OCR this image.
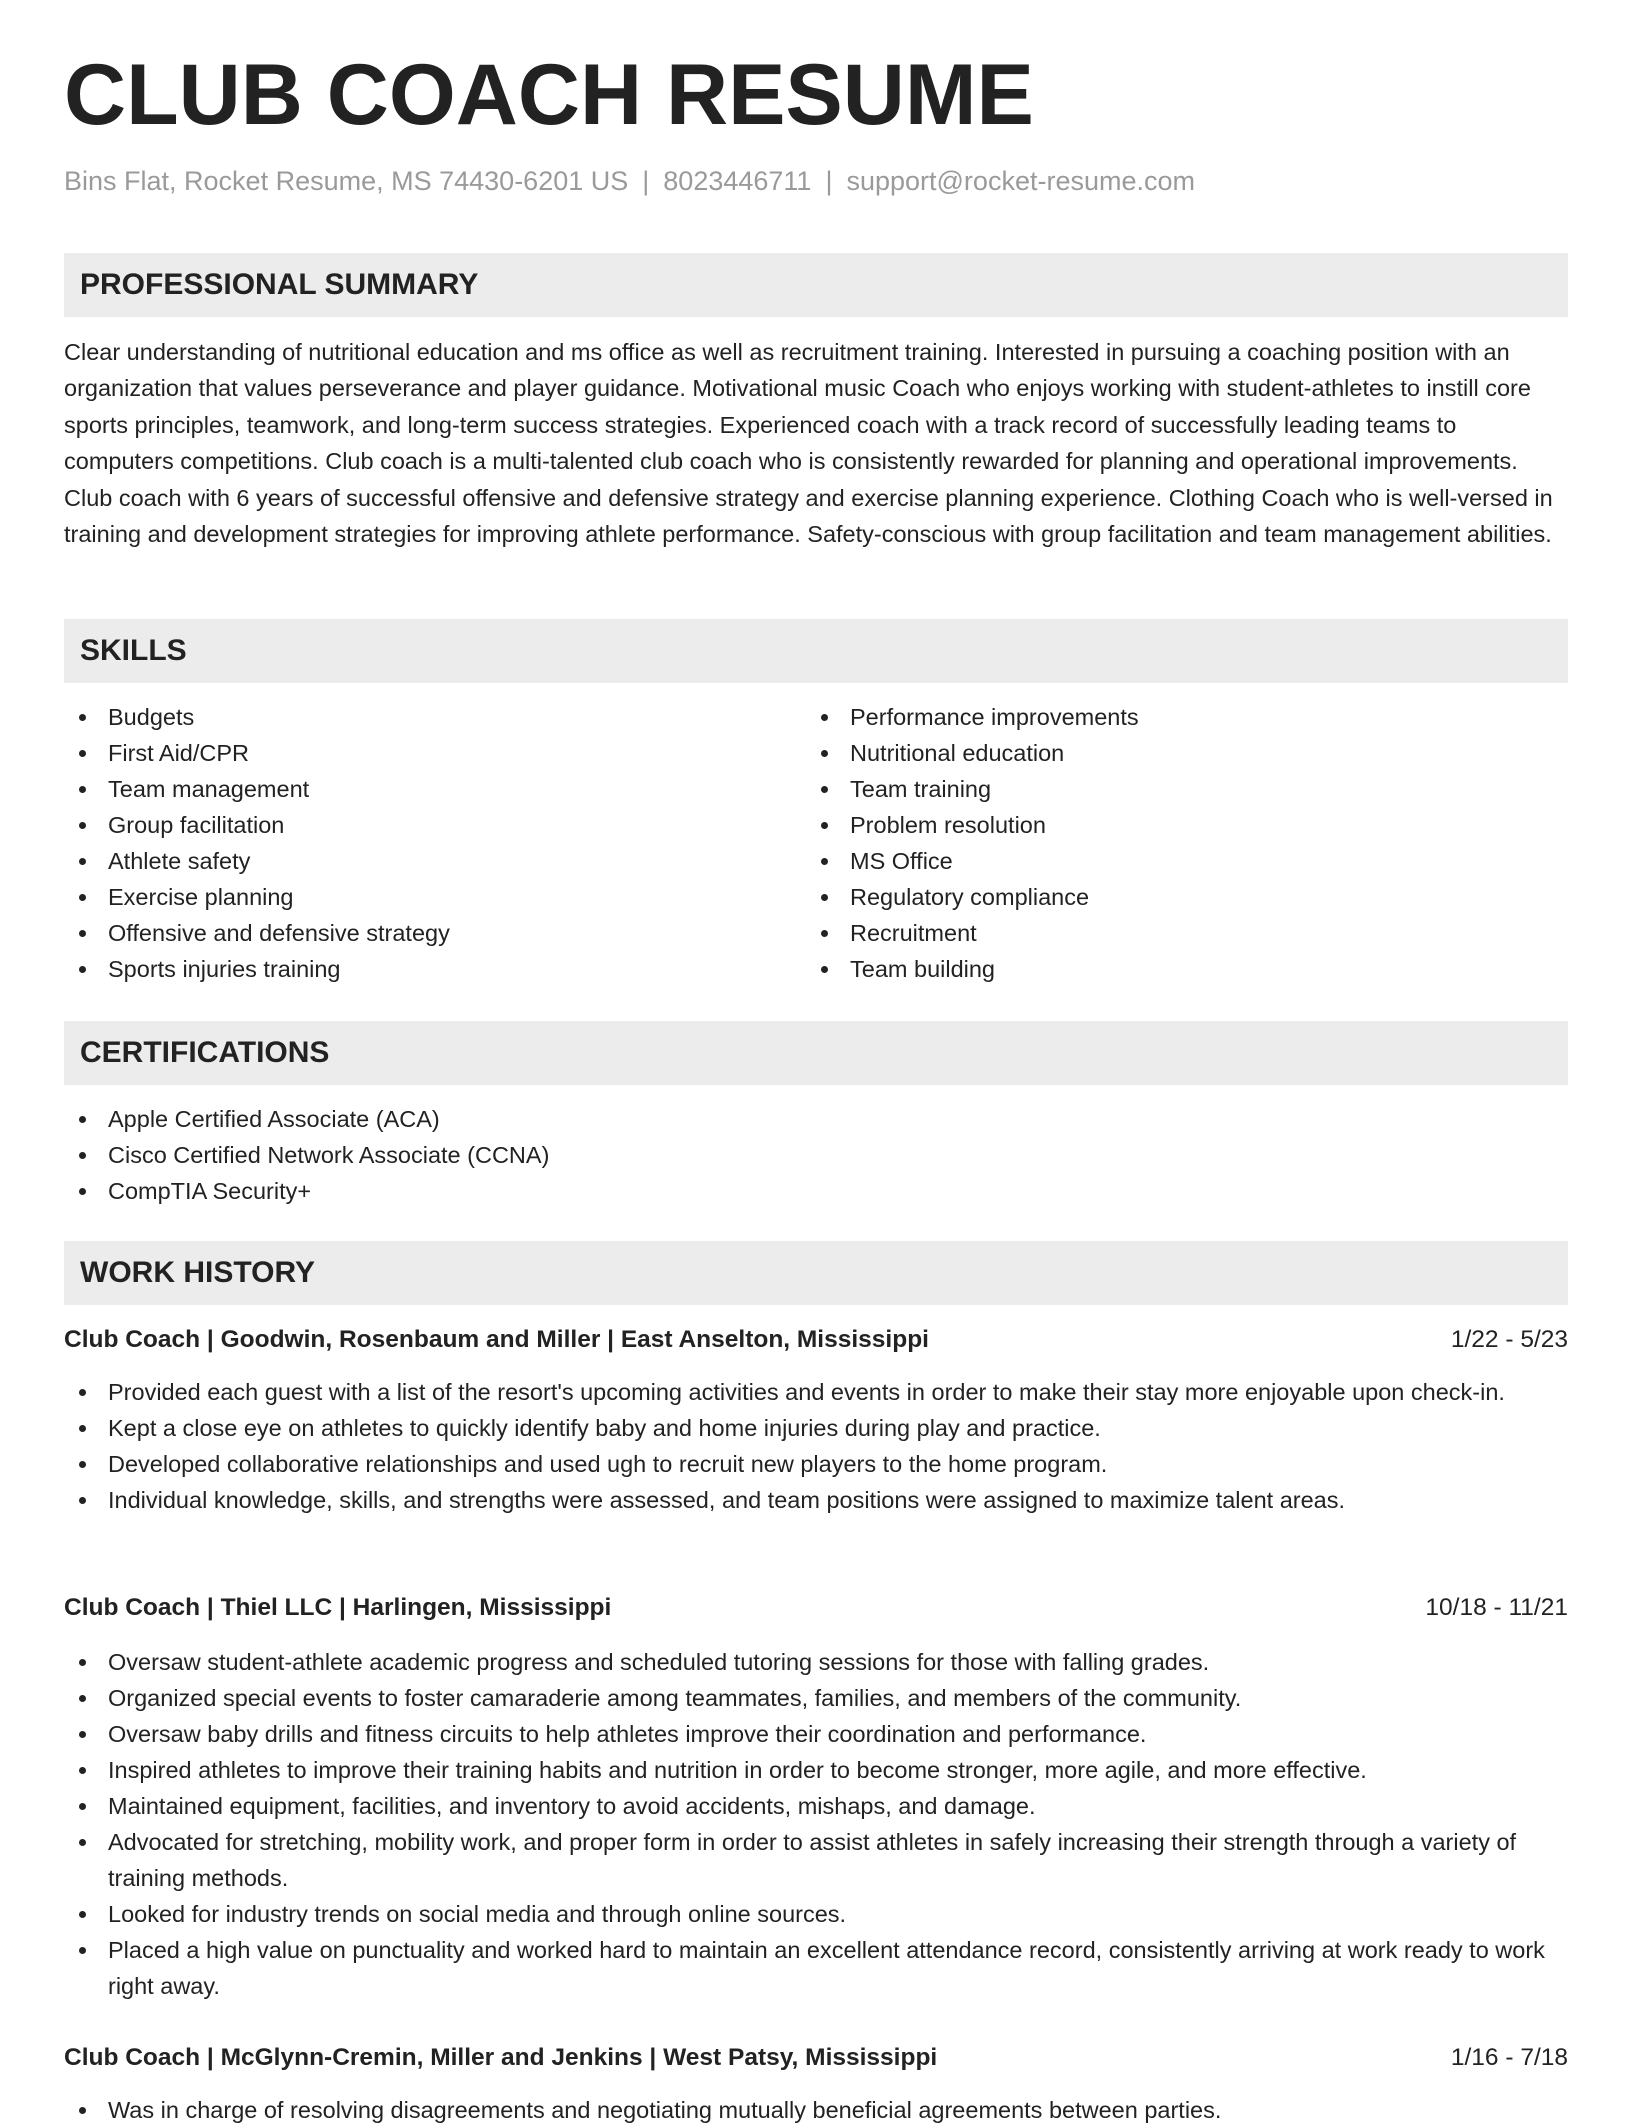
CLUB COACH RESUME
Bins Flat, Rocket Resume, MS 74430-6201 US | 8023446711 | support@rocket-resume.com
PROFESSIONAL SUMMARY

Clear understanding of nutritional education and ms office as well as recruitment training. Interested in pursuing a coaching position with an organization that values perseverance and player guidance. Motivational music Coach who enjoys working with student-athletes to instill core sports principles, teamwork, and long-term success strategies. Experienced coach with a track record of successfully leading teams to computers competitions. Club coach is a multi-talented club coach who is consistently rewarded for planning and operational improvements. Club coach with 6 years of successful offensive and defensive strategy and exercise planning experience. Clothing Coach who is well-versed in training and development strategies for improving athlete performance. Safety-conscious with group facilitation and team management abilities.

SKILLS
Budgets
First Aid/CPR
Team management
Group facilitation
Athlete safety
Exercise planning
Offensive and defensive strategy
Sports injuries training
Performance improvements
Nutritional education
Team training
Problem resolution
MS Office
Regulatory compliance
Recruitment
Team building
CERTIFICATIONS
Apple Certified Associate (ACA)
Cisco Certified Network Associate (CCNA)
CompTIA Security+
WORK HISTORY
Club Coach | Goodwin, Rosenbaum and Miller | East Anselton, Mississippi	1/22 - 5/23
Provided each guest with a list of the resort's upcoming activities and events in order to make their stay more enjoyable upon check-in.
Kept a close eye on athletes to quickly identify baby and home injuries during play and practice.
Developed collaborative relationships and used ugh to recruit new players to the home program.
Individual knowledge, skills, and strengths were assessed, and team positions were assigned to maximize talent areas.
Club Coach | Thiel LLC | Harlingen, Mississippi	10/18 - 11/21
Oversaw student-athlete academic progress and scheduled tutoring sessions for those with falling grades.
Organized special events to foster camaraderie among teammates, families, and members of the community.
Oversaw baby drills and fitness circuits to help athletes improve their coordination and performance.
Inspired athletes to improve their training habits and nutrition in order to become stronger, more agile, and more effective.
Maintained equipment, facilities, and inventory to avoid accidents, mishaps, and damage.
Advocated for stretching, mobility work, and proper form in order to assist athletes in safely increasing their strength through a variety of training methods.
Looked for industry trends on social media and through online sources.
Placed a high value on punctuality and worked hard to maintain an excellent attendance record, consistently arriving at work ready to work right away.
Club Coach | McGlynn-Cremin, Miller and Jenkins | West Patsy, Mississippi	1/16 - 7/18
Was in charge of resolving disagreements and negotiating mutually beneficial agreements between parties.
